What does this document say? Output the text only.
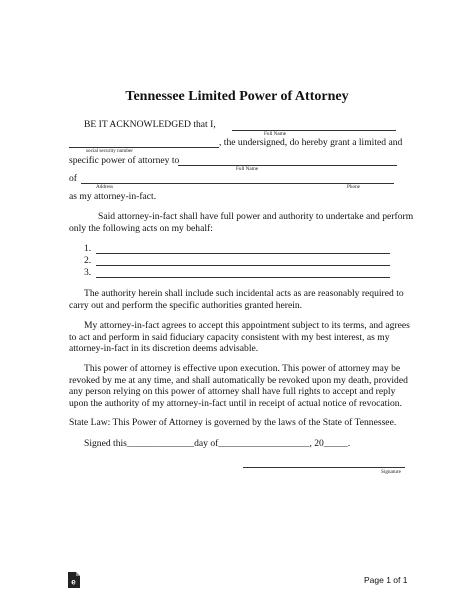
Tennessee Limited Power of Attorney
BE IT ACKNOWLEDGED that I,
Full Name
, the undersigned, do hereby grant a limited and
social security number
specific power of attorney to
Full Name
of
Address	Phone
as my attorney-in-fact.
Said attorney-in-fact shall have full power and authority to undertake and perform
only the following acts on my behalf:
1.
2.
3.
The authority herein shall include such incidental acts as are reasonably required to
carry out and perform the specific authorities granted herein.
My attorney-in-fact agrees to accept this appointment subject to its terms, and agrees
to act and perform in said fiduciary capacity consistent with my best interest, as my
attorney-in-fact in its discretion deems advisable.
This power of attorney is effective upon execution. This power of attorney may be
revoked by me at any time, and shall automatically be revoked upon my death, provided
any person relying on this power of attorney shall have full rights to accept and reply
upon the authority of my attorney-in-fact until in receipt of actual notice of revocation.
State Law: This Power of Attorney is governed by the laws of the State of Tennessee.
Signed this______________day of___________________, 20_____.
Signature
e	Page 1 of 1
